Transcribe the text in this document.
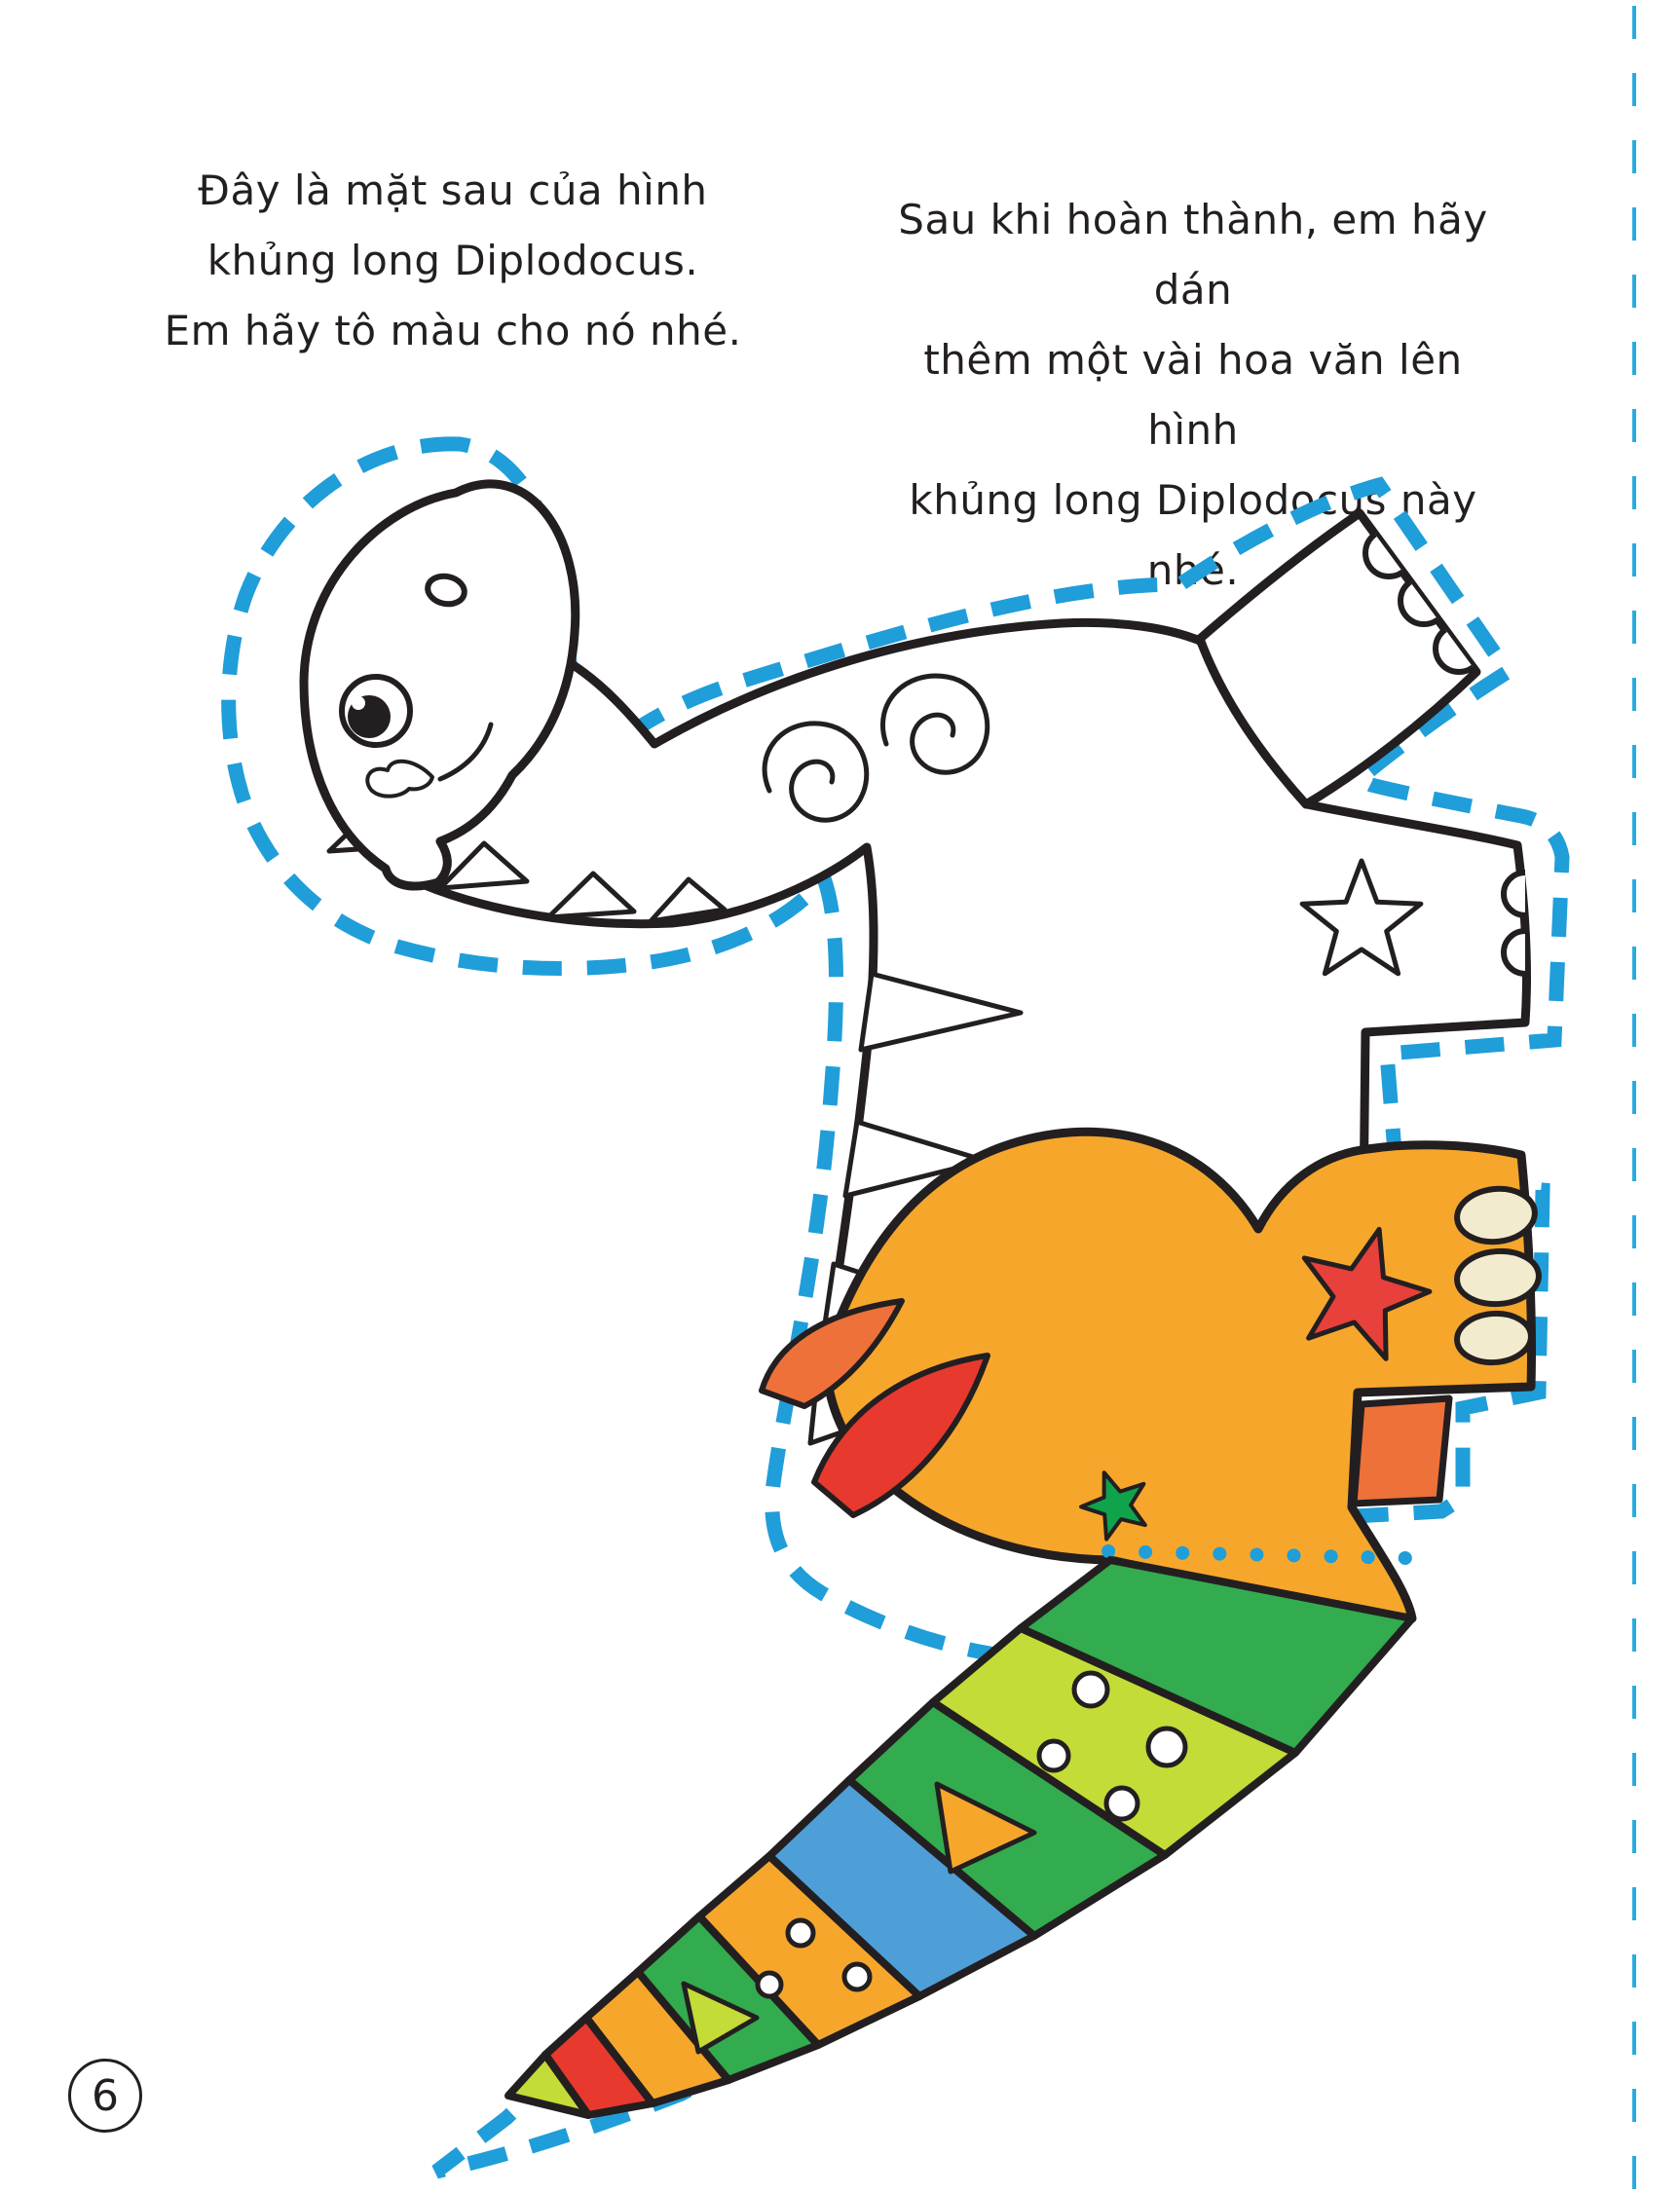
Đây là mặt sau của hình
khủng long Diplodocus.
Em hãy tô màu cho nó nhé.
Sau khi hoàn thành, em hãy dán
thêm một vài hoa văn lên hình
khủng long Diplodocus này nhé.
6
